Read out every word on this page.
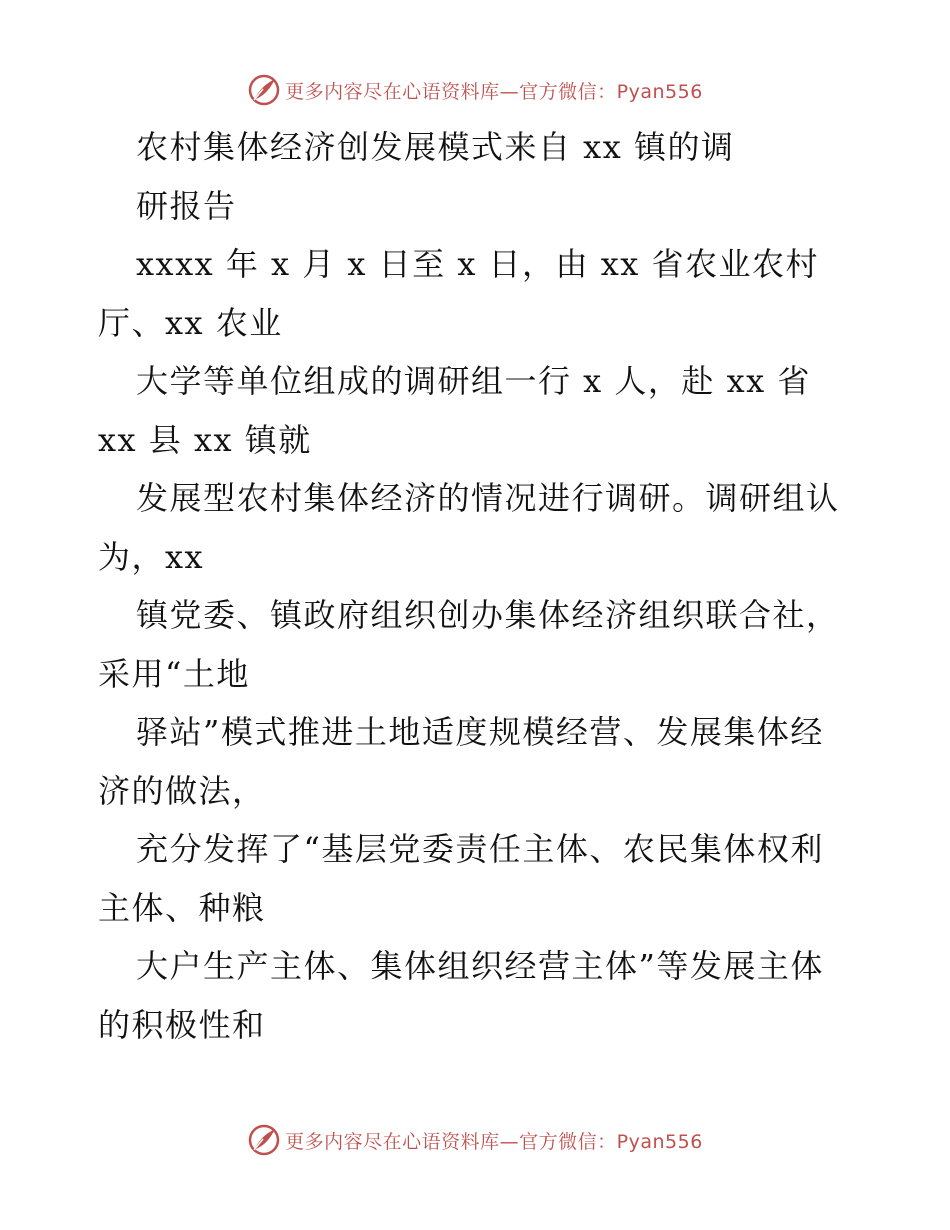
更多内容尽在心语资料库—官方微信：Pyan556
农村集体经济创发展模式来自 xx 镇的调
研报告
xxxx 年 x 月 x 日至 x 日，由 xx 省农业农村
厅、xx 农业
大学等单位组成的调研组一行 x 人，赴 xx 省
xx 县 xx 镇就
发展型农村集体经济的情况进行调研。调研组认
为，xx
镇党委、镇政府组织创办集体经济组织联合社，
采用“土地
驿站”模式推进土地适度规模经营、发展集体经
济的做法，
充分发挥了“基层党委责任主体、农民集体权利
主体、种粮
大户生产主体、集体组织经营主体”等发展主体
的积极性和
更多内容尽在心语资料库—官方微信：Pyan556
